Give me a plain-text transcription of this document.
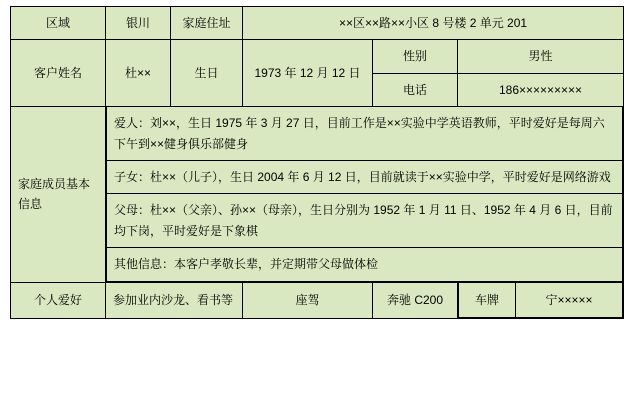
区域	银川	家庭住址	××区××路××小区 8 号楼 2 单元 201
客户姓名	杜××	生日	1973 年 12 月 12 日	性别	男性
电话	186×××××××××
家庭成员基本信息	
爱人：刘××，生日 1975 年 3 月 27 日，目前工作是××实验中学英语教师，平时爱好是每周六下午到××健身俱乐部健身
子女：杜××（儿子），生日 2004 年 6 月 12 日，目前就读于××实验中学，平时爱好是网络游戏
父母：杜××（父亲）、孙××（母亲），生日分别为 1952 年 1 月 11 日、1952 年 4 月 6 日，目前均下岗，平时爱好是下象棋
其他信息：本客户孝敬长辈，并定期带父母做体检

个人爱好	参加业内沙龙、看书等	座驾	奔驰 C200		车牌	宁×××××
